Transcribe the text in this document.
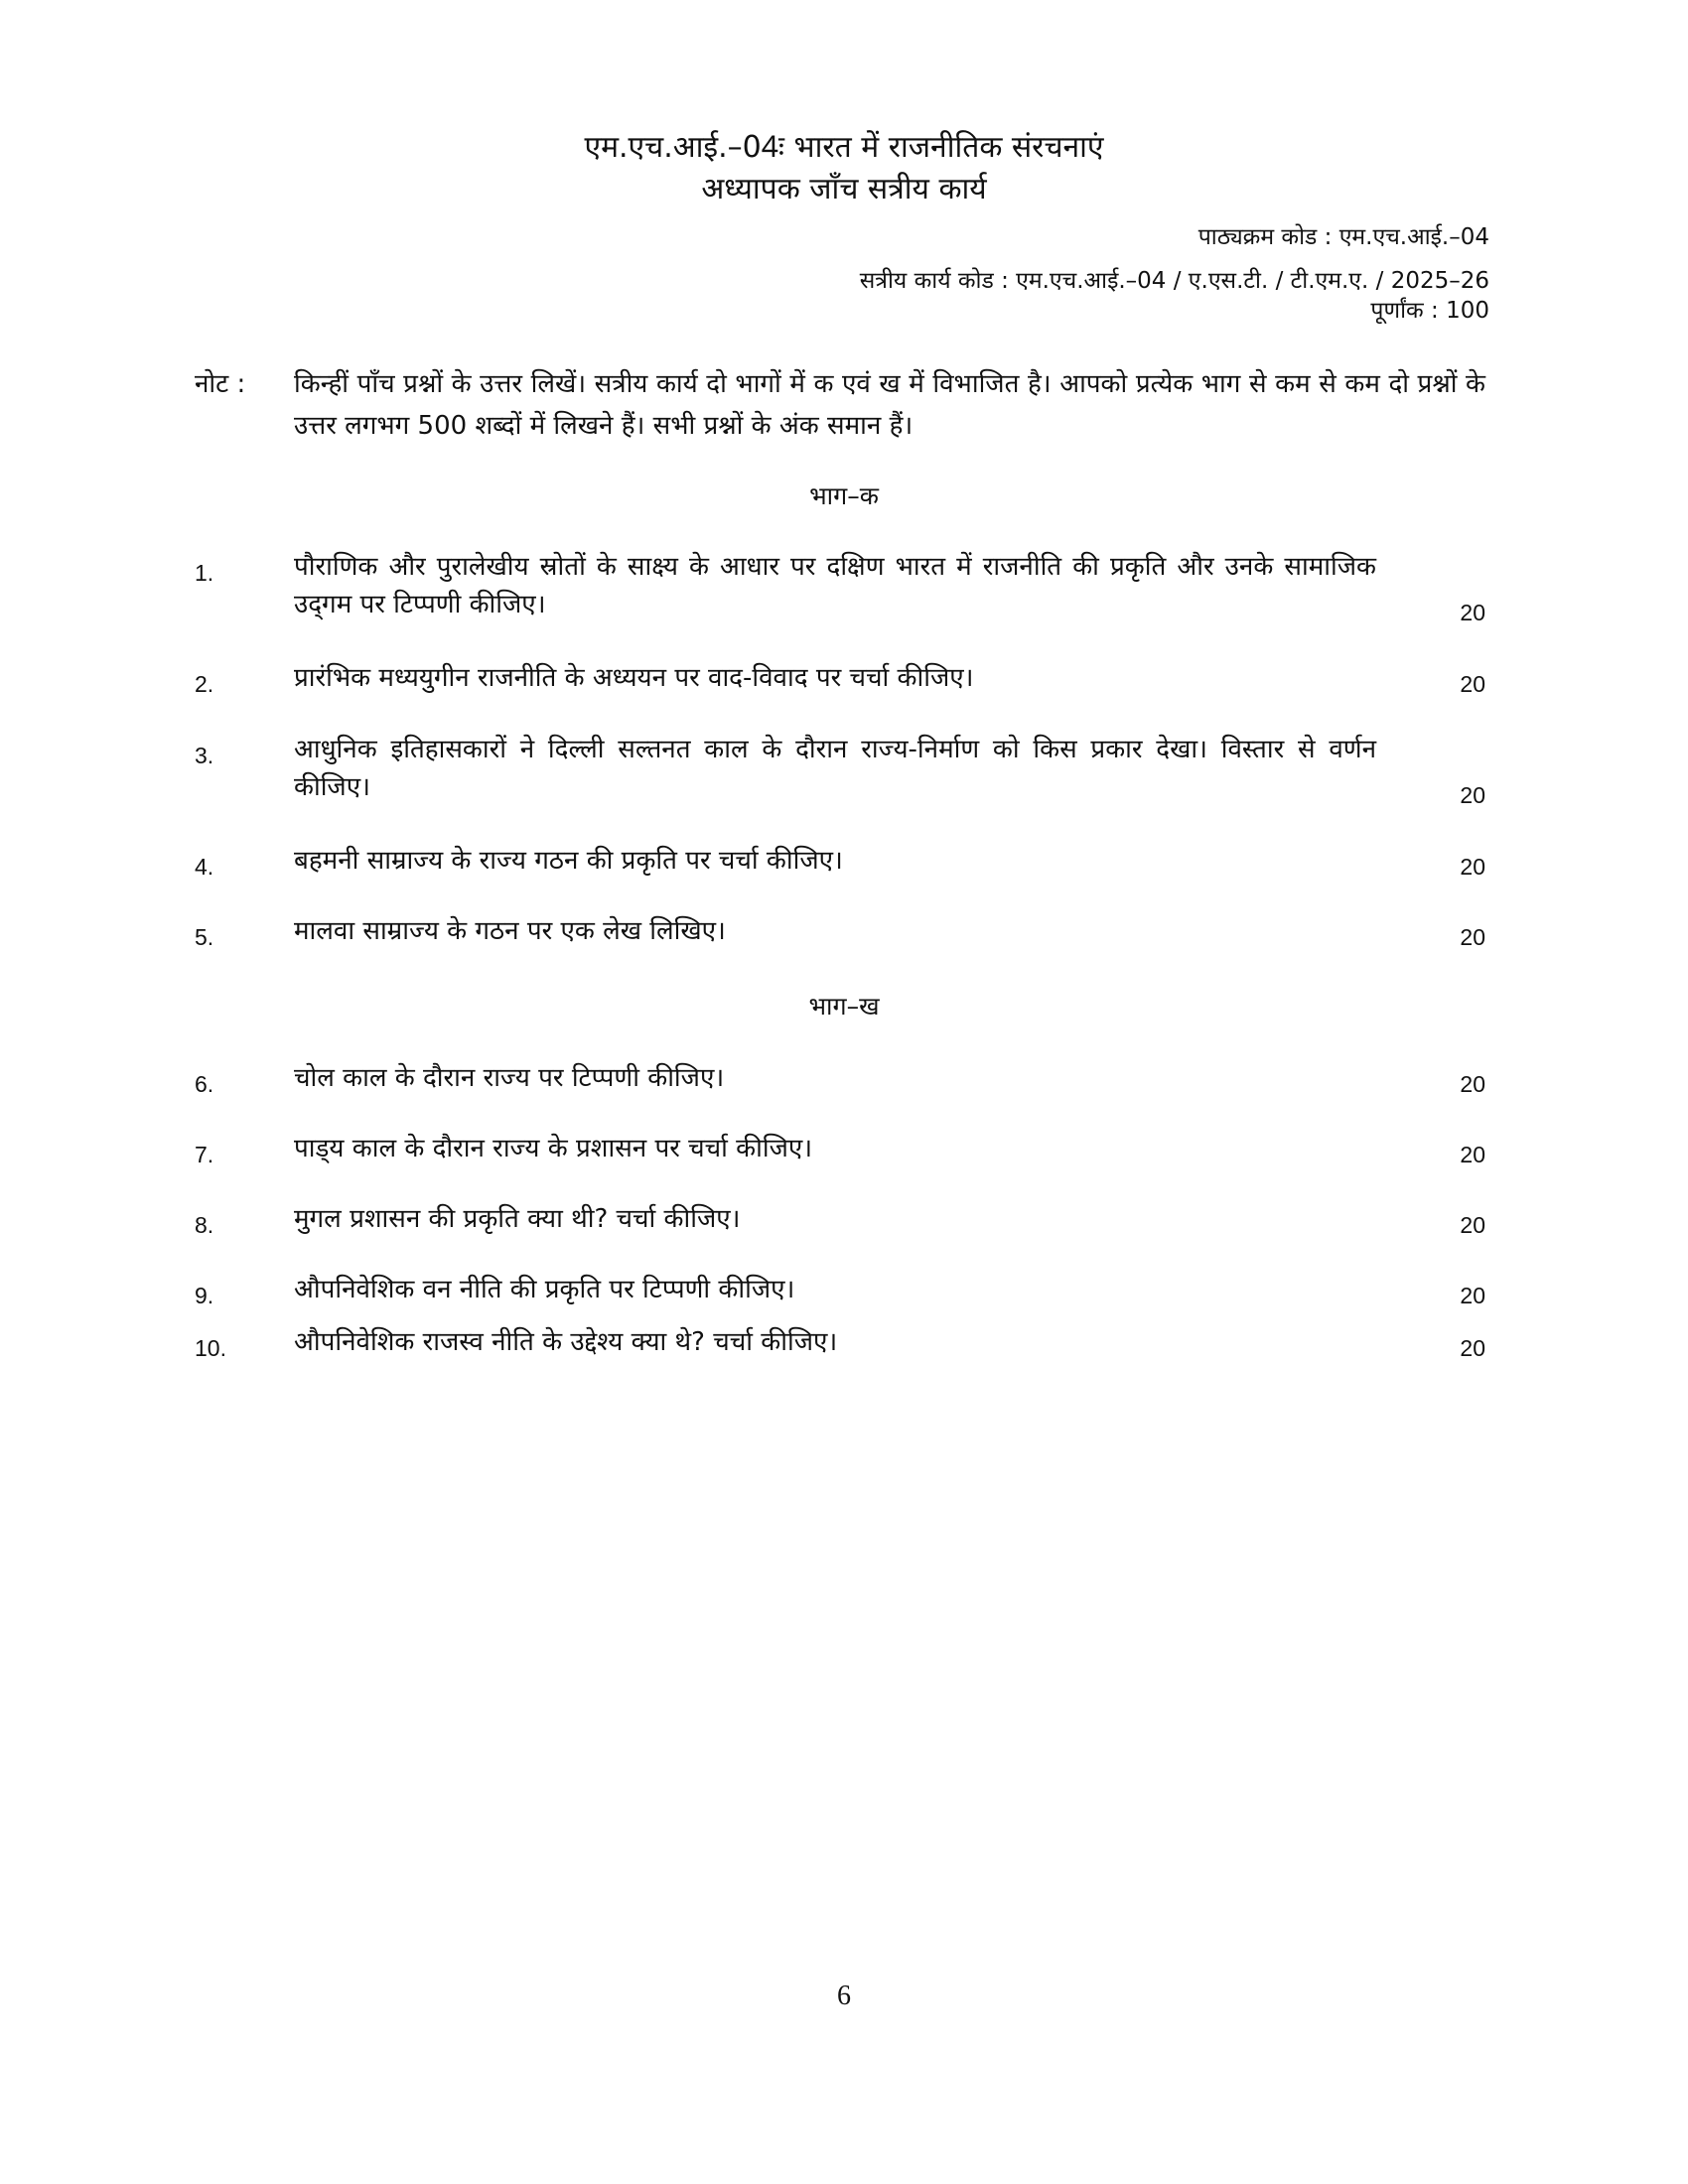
एम.एच.आई.–04ः भारत में राजनीतिक संरचनाएं
अध्यापक जाँच सत्रीय कार्य
पाठ्यक्रम कोड : एम.एच.आई.–04
सत्रीय कार्य कोड : एम.एच.आई.–04 / ए.एस.टी. / टी.एम.ए. / 2025–26
पूर्णांक : 100
नोट : किन्हीं पाँच प्रश्नों के उत्तर लिखें। सत्रीय कार्य दो भागों में क एवं ख में विभाजित है। आपको प्रत्येक भाग से कम से कम दो प्रश्नों के उत्तर लगभग 500 शब्दों में लिखने हैं। सभी प्रश्नों के अंक समान हैं।
भाग–क
1.	पौराणिक और पुरालेखीय स्रोतों के साक्ष्य के आधार पर दक्षिण भारत में राजनीति की प्रकृति और उनके सामाजिक उद्‌गम पर टिप्पणी कीजिए।	20
2.	प्रारंभिक मध्ययुगीन राजनीति के अध्ययन पर वाद-विवाद पर चर्चा कीजिए।	20
3.	आधुनिक इतिहासकारों ने दिल्ली सल्तनत काल के दौरान राज्य-निर्माण को किस प्रकार देखा। विस्तार से वर्णन कीजिए।	20
4.	बहमनी साम्राज्य के राज्य गठन की प्रकृति पर चर्चा कीजिए।	20
5.	मालवा साम्राज्य के गठन पर एक लेख लिखिए।	20
भाग–ख
6.	चोल काल के दौरान राज्य पर टिप्पणी कीजिए।	20
7.	पाड्‌य काल के दौरान राज्य के प्रशासन पर चर्चा कीजिए।	20
8.	मुगल प्रशासन की प्रकृति क्या थी? चर्चा कीजिए।	20
9.	औपनिवेशिक वन नीति की प्रकृति पर टिप्पणी कीजिए।	20
10.	औपनिवेशिक राजस्व नीति के उद्देश्य क्या थे? चर्चा कीजिए।	20
6
